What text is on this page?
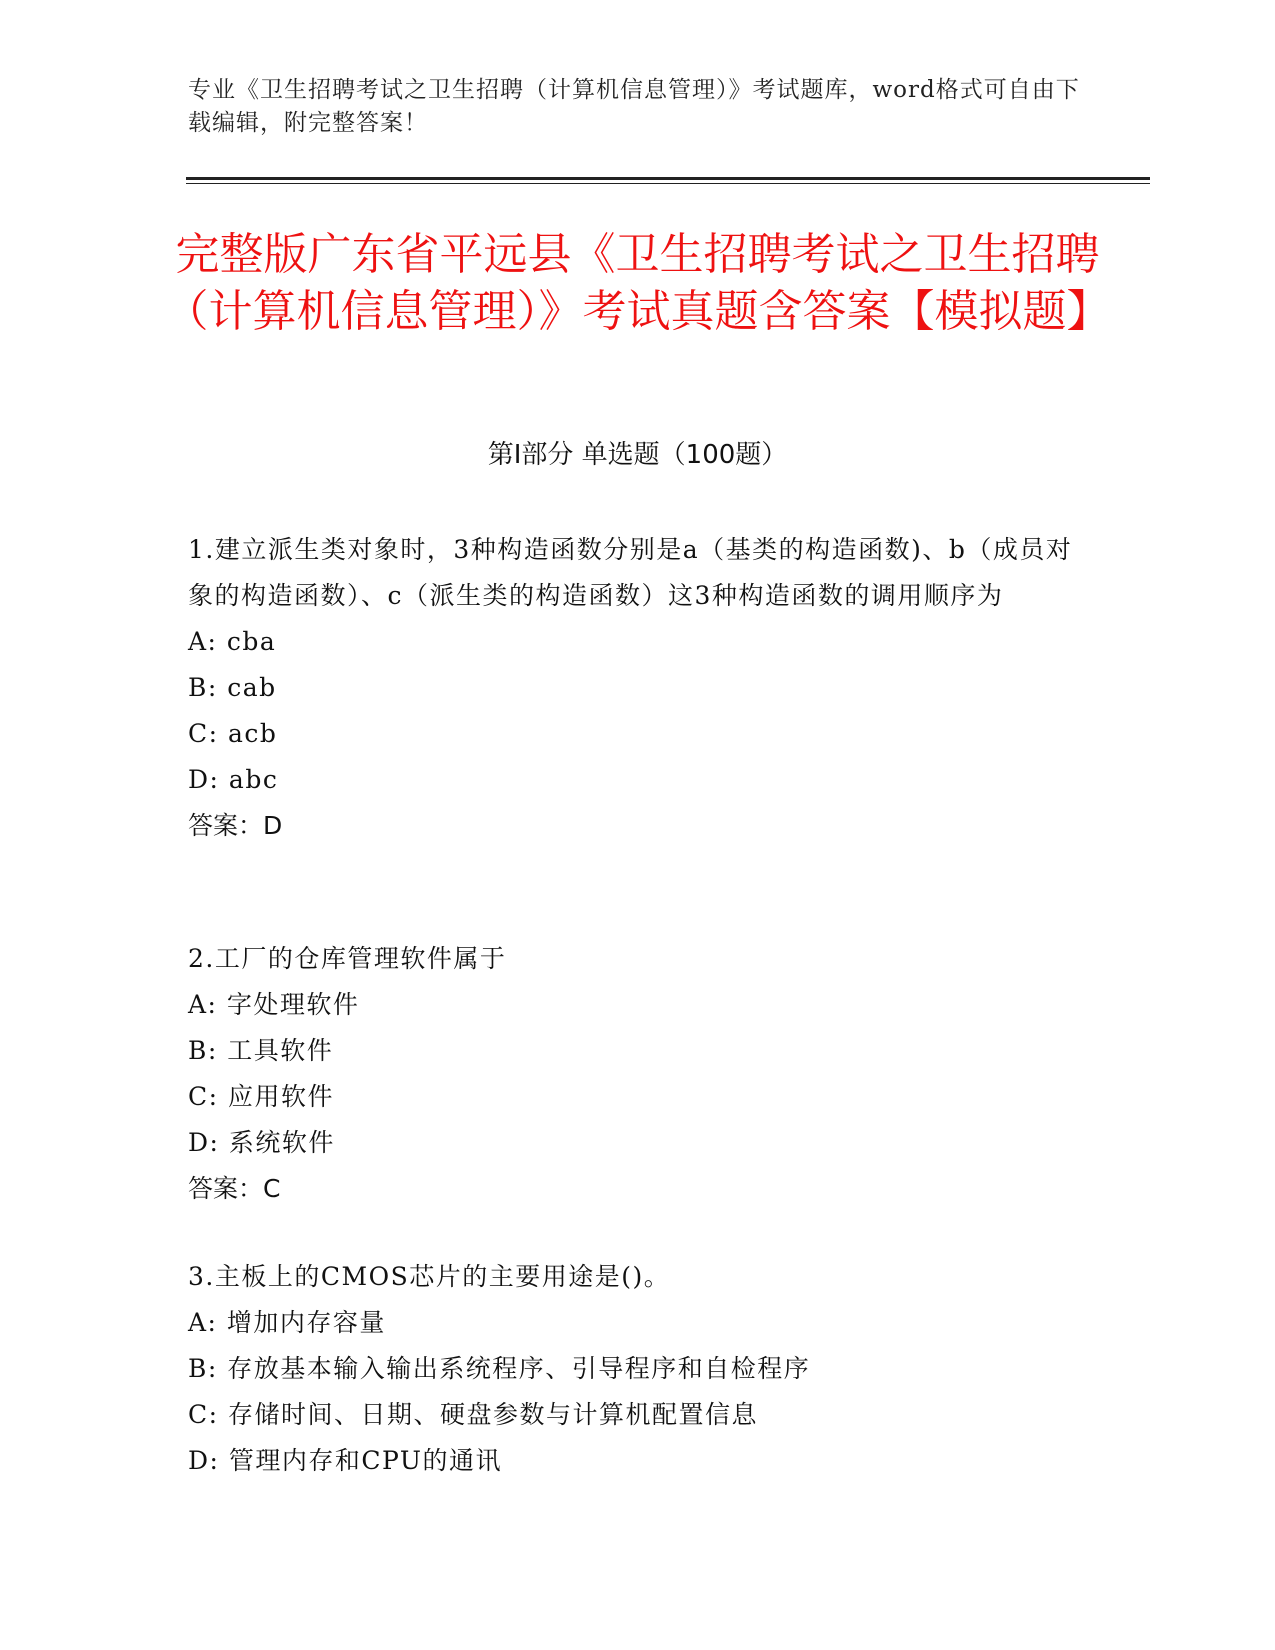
专业《卫生招聘考试之卫生招聘（计算机信息管理）》考试题库，word格式可自由下载编辑，附完整答案！
完整版广东省平远县《卫生招聘考试之卫生招聘（计算机信息管理）》考试真题含答案【模拟题】
第I部分 单选题（100题）

1.建立派生类对象时，3种构造函数分别是a（基类的构造函数)、b（成员对象的构造函数）、c（派生类的构造函数）这3种构造函数的调用顺序为

A: cba

B: cab

C: acb

D: abc

答案：D

2.工厂的仓库管理软件属于

A: 字处理软件

B: 工具软件

C: 应用软件

D: 系统软件

答案：C

3.主板上的CMOS芯片的主要用途是()。

A: 增加内存容量

B: 存放基本输入输出系统程序、引导程序和自检程序

C: 存储时间、日期、硬盘参数与计算机配置信息

D: 管理内存和CPU的通讯
